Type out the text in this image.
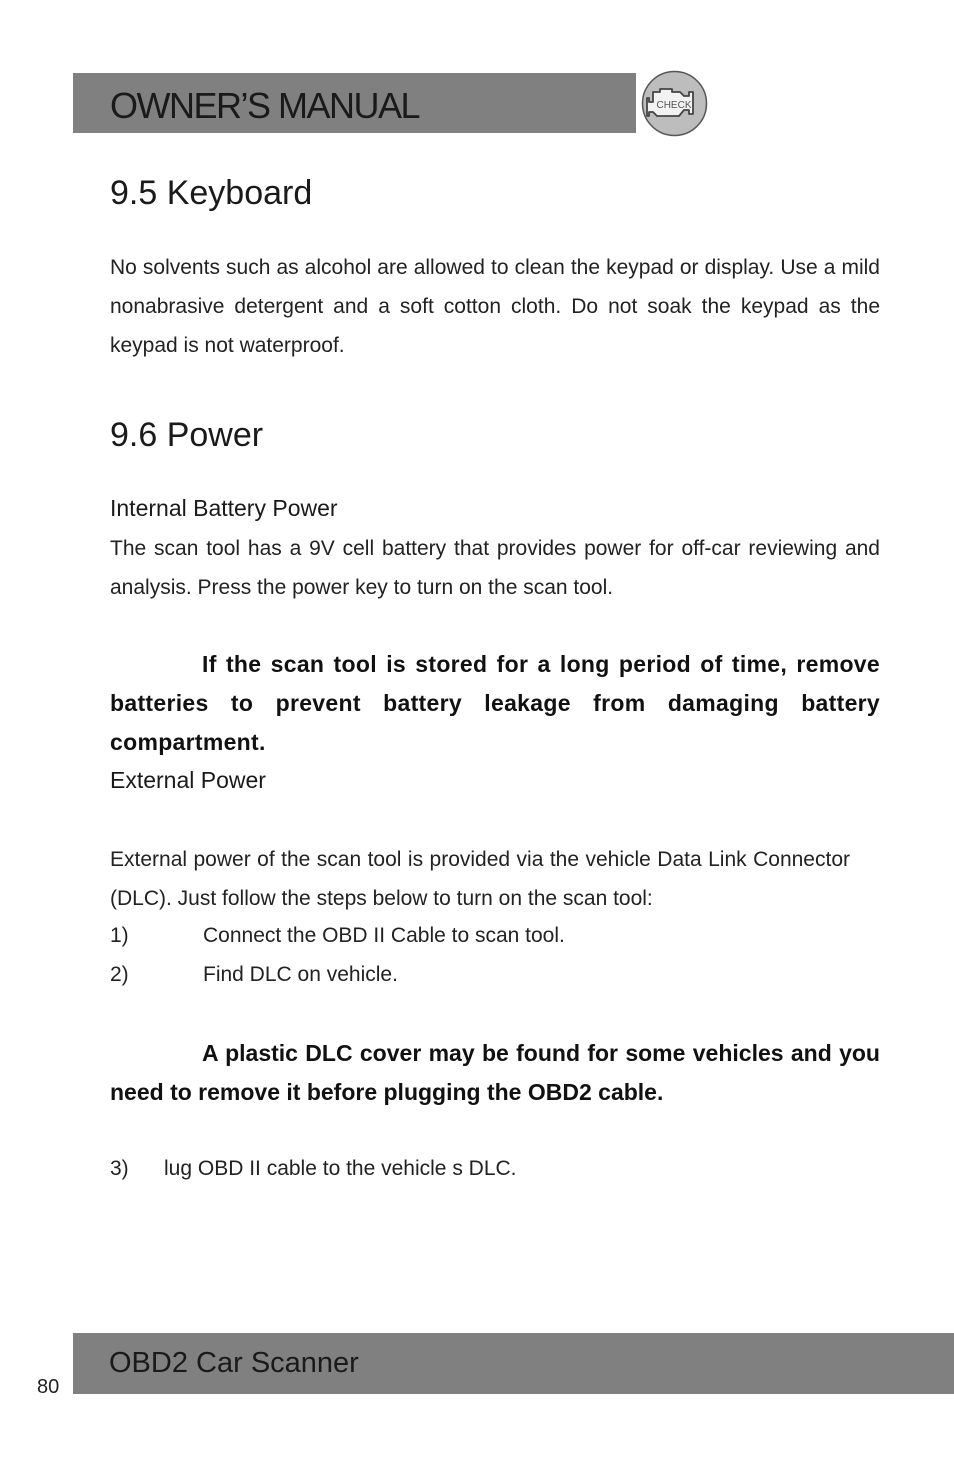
OWNER’S MANUAL	CHECK
9.5 Keyboard

No solvents such as alcohol are allowed to clean the keypad or display. Use a mild nonabrasive detergent and a soft cotton cloth. Do not soak the keypad as the keypad is not waterproof.

9.6 Power

Internal Battery Power

The scan tool has a 9V cell battery that provides power for off-car reviewing and analysis. Press the power key to turn on the scan tool.

If the scan tool is stored for a long period of time, remove batteries to prevent battery leakage from damaging battery compartment.

External Power

External power of the scan tool is provided via the vehicle Data Link Connector (DLC). Just follow the steps below to turn on the scan tool:

1)	Connect the OBD II Cable to scan tool.

2)	Find DLC on vehicle.

A plastic DLC cover may be found for some vehicles and you need to remove it before plugging the OBD2 cable.

3) lug OBD II cable to the vehicle s DLC.

OBD2 Car Scanner
80
